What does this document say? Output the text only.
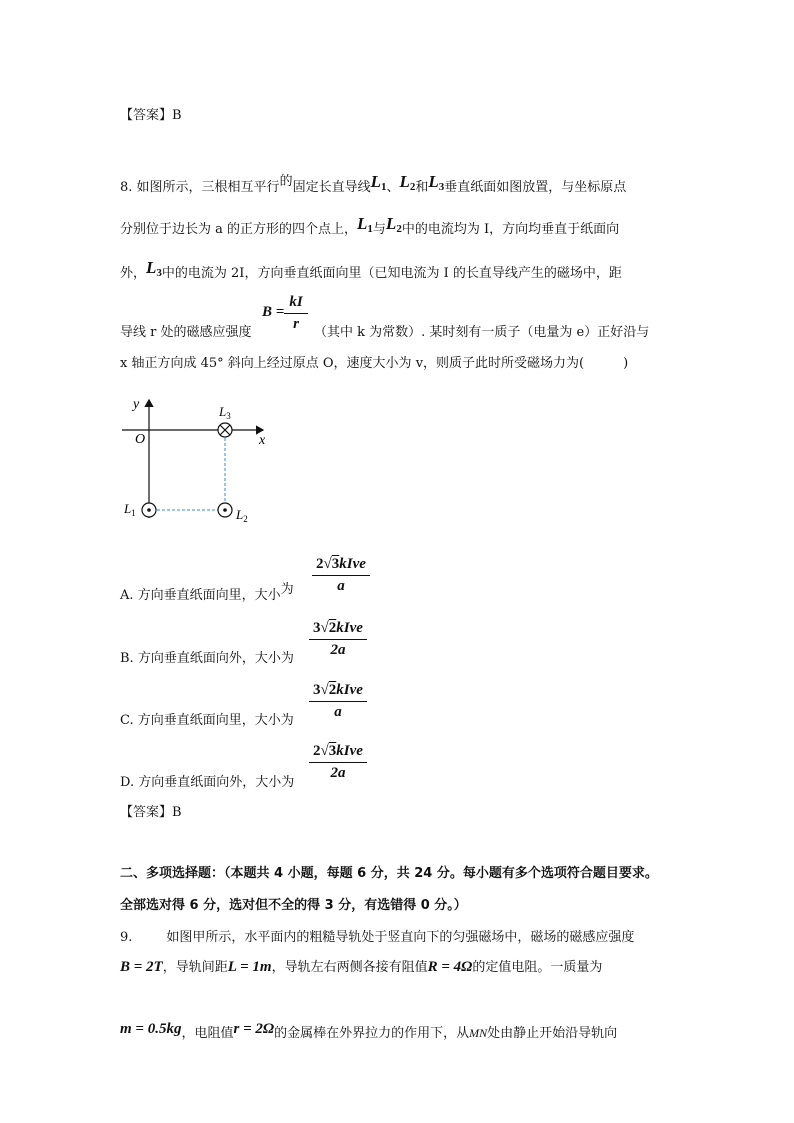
【答案】B
8. 如图所示，三根相互平行的固定长直导线$L_1$、$L_2$和$L_3$垂直纸面如图放置，与坐标原点
分别位于边长为 a 的正方形的四个点上，$L_1$与$L_2$中的电流均为 I，方向均垂直于纸面向
外，$L_3$中的电流为 2I，方向垂直纸面向里（已知电流为 I 的长直导线产生的磁场中，距
导线 r 处的磁感应强度
$B = \frac{kI}{r}$ （其中 k 为常数）. 某时刻有一质子（电量为 e）正好沿与
x 轴正方向成 45° 斜向上经过原点 O，速度大小为 v，则质子此时所受磁场力为(　　　)
y
x
O
$L_3$
$L_1$	$L_2$
A. 方向垂直纸面向里，大小为
2√3kIve
a
B. 方向垂直纸面向外，大小为
3√2kIve
2a
C. 方向垂直纸面向里，大小为
3√2kIve
a
D. 方向垂直纸面向外，大小为
2√3kIve
2a
【答案】B
二、多项选择题：（本题共 4 小题，每题 6 分，共 24 分。每小题有多个选项符合题目要求。
全部选对得 6 分，选对但不全的得 3 分，有选错得 0 分。）
9.	如图甲所示，水平面内的粗糙导轨处于竖直向下的匀强磁场中，磁场的磁感应强度
B = 2T，导轨间距L = 1m，导轨左右两侧各接有阻值R = 4Ω的定值电阻。一质量为
m = 0.5kg，电阻值r = 2Ω的金属棒在外界拉力的作用下，从MN处由静止开始沿导轨向
